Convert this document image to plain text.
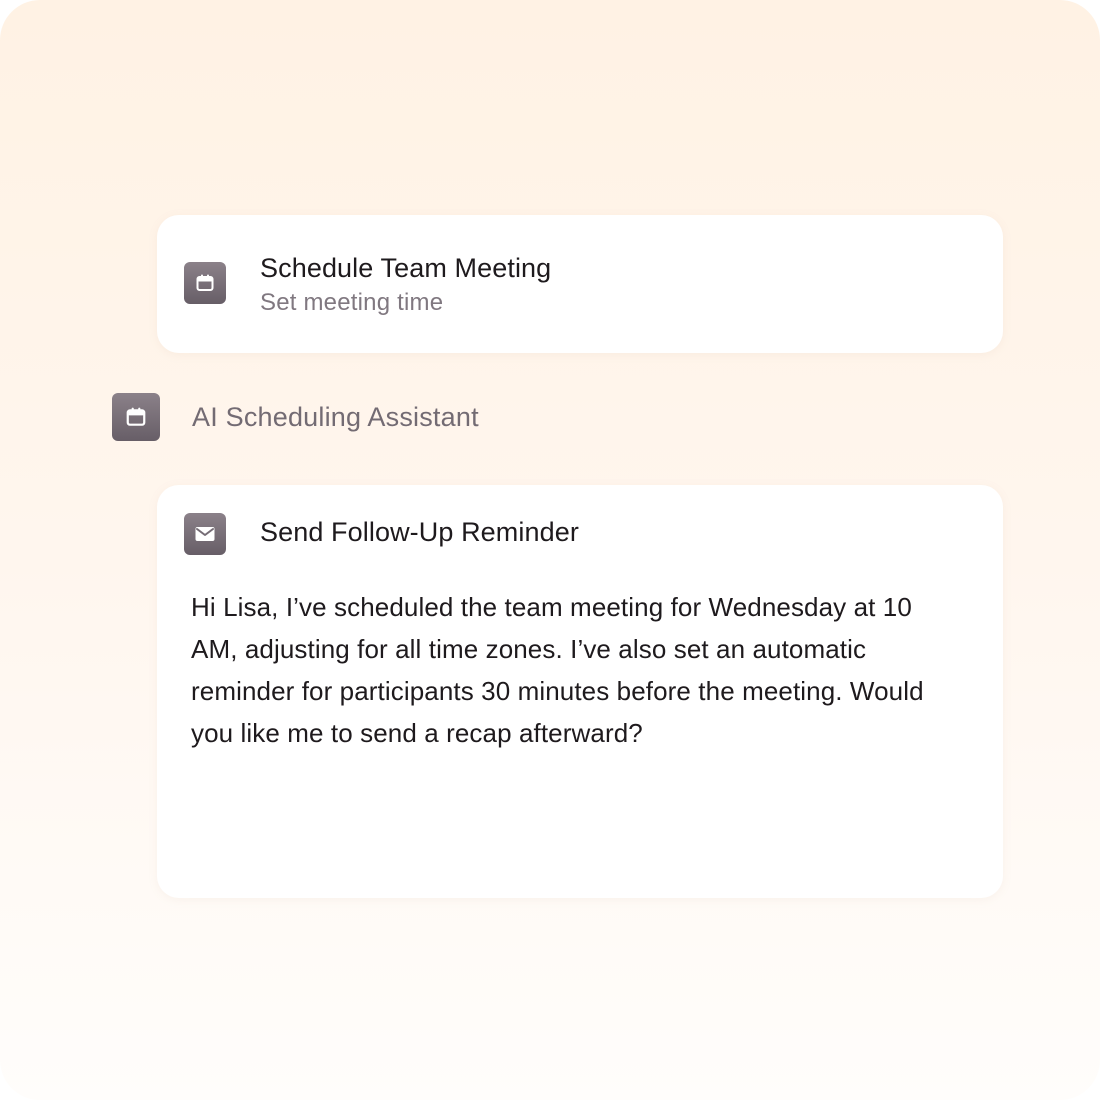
Schedule Team Meeting
Set meeting time
AI Scheduling Assistant
Send Follow-Up Reminder

Hi Lisa, I’ve scheduled the team meeting for Wednesday at 10 AM, adjusting for all time zones. I’ve also set an automatic reminder for participants 30 minutes before the meeting. Would you like me to send a recap afterward?
